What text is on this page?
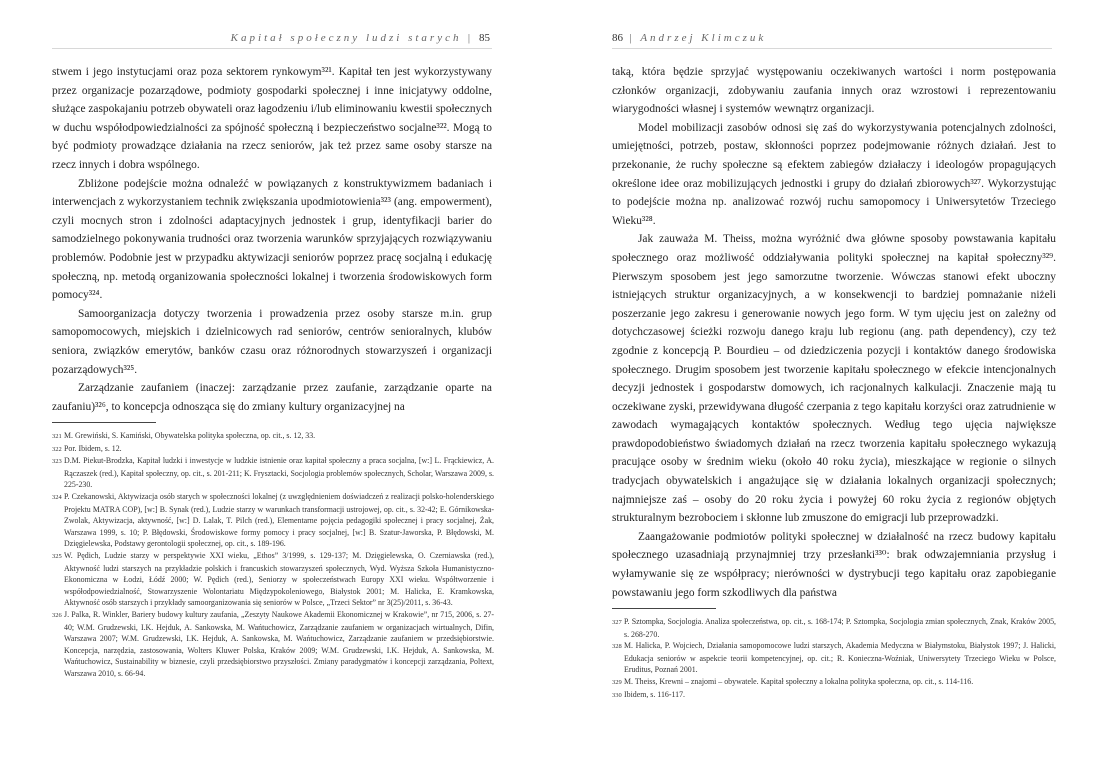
Kapitał społeczny ludzi starych | 85

stwem i jego instytucjami oraz poza sektorem rynkowym³²¹. Kapitał ten jest wykorzystywany przez organizacje pozarządowe, podmioty gospodarki społecznej i inne inicjatywy oddolne, służące zaspokajaniu potrzeb obywateli oraz łagodzeniu i/lub eliminowaniu kwestii społecznych w duchu współodpowiedzialności za spójność społeczną i bezpieczeństwo socjalne³²². Mogą to być podmioty prowadzące działania na rzecz seniorów, jak też przez same osoby starsze na rzecz innych i dobra wspólnego.

Zbliżone podejście można odnaleźć w powiązanych z konstruktywizmem badaniach i interwencjach z wykorzystaniem technik zwiększania upodmiotowienia³²³ (ang. empowerment), czyli mocnych stron i zdolności adaptacyjnych jednostek i grup, identyfikacji barier do samodzielnego pokonywania trudności oraz tworzenia warunków sprzyjających rozwiązywaniu problemów. Podobnie jest w przypadku aktywizacji seniorów poprzez pracę socjalną i edukację społeczną, np. metodą organizowania społeczności lokalnej i tworzenia środowiskowych form pomocy³²⁴.

Samoorganizacja dotyczy tworzenia i prowadzenia przez osoby starsze m.in. grup samopomocowych, miejskich i dzielnicowych rad seniorów, centrów senioralnych, klubów seniora, związków emerytów, banków czasu oraz różnorodnych stowarzyszeń i organizacji pozarządowych³²⁵.

Zarządzanie zaufaniem (inaczej: zarządzanie przez zaufanie, zarządzanie oparte na zaufaniu)³²⁶, to koncepcja odnosząca się do zmiany kultury organizacyjnej na

321 M. Grewiński, S. Kamiński, Obywatelska polityka społeczna, op. cit., s. 12, 33.

322 Por. Ibidem, s. 12.

323 D.M. Piekut-Brodzka, Kapitał ludzki i inwestycje w ludzkie istnienie oraz kapitał społeczny a praca socjalna, [w:] L. Frąckiewicz, A. Rączaszek (red.), Kapitał społeczny, op. cit., s. 201-211; K. Frysztacki, Socjologia problemów społecznych, Scholar, Warszawa 2009, s. 225-230.

324 P. Czekanowski, Aktywizacja osób starych w społeczności lokalnej (z uwzględnieniem doświadczeń z realizacji polsko-holenderskiego Projektu MATRA COP), [w:] B. Synak (red.), Ludzie starzy w warunkach transformacji ustrojowej, op. cit., s. 32-42; E. Górnikowska-Zwolak, Aktywizacja, aktywność, [w:] D. Lalak, T. Pilch (red.), Elementarne pojęcia pedagogiki społecznej i pracy socjalnej, Żak, Warszawa 1999, s. 10; P. Błędowski, Środowiskowe formy pomocy i pracy socjalnej, [w:] B. Szatur-Jaworska, P. Błędowski, M. Dzięgielewska, Podstawy gerontologii społecznej, op. cit., s. 189-196.

325 W. Pędich, Ludzie starzy w perspektywie XXI wieku, „Ethos” 3/1999, s. 129-137; M. Dzięgielewska, O. Czerniawska (red.), Aktywność ludzi starszych na przykładzie polskich i francuskich stowarzyszeń społecznych, Wyd. Wyższa Szkoła Humanistyczno-Ekonomiczna w Łodzi, Łódź 2000; W. Pędich (red.), Seniorzy w społeczeństwach Europy XXI wieku. Współtworzenie i współodpowiedzialność, Stowarzyszenie Wolontariatu Międzypokoleniowego, Białystok 2001; M. Halicka, E. Kramkowska, Aktywność osób starszych i przykłady samoorganizowania się seniorów w Polsce, „Trzeci Sektor” nr 3(25)/2011, s. 36-43.

326 J. Palka, R. Winkler, Bariery budowy kultury zaufania, „Zeszyty Naukowe Akademii Ekonomicznej w Krakowie”, nr 715, 2006, s. 27-40; W.M. Grudzewski, I.K. Hejduk, A. Sankowska, M. Wańtuchowicz, Zarządzanie zaufaniem w organizacjach wirtualnych, Difin, Warszawa 2007; W.M. Grudzewski, I.K. Hejduk, A. Sankowska, M. Wańtuchowicz, Zarządzanie zaufaniem w przedsiębiorstwie. Koncepcja, narzędzia, zastosowania, Wolters Kluwer Polska, Kraków 2009; W.M. Grudzewski, I.K. Hejduk, A. Sankowska, M. Wańtuchowicz, Sustainability w biznesie, czyli przedsiębiorstwo przyszłości. Zmiany paradygmatów i koncepcji zarządzania, Poltext, Warszawa 2010, s. 66-94.

86 | Andrzej Klimczuk

taką, która będzie sprzyjać występowaniu oczekiwanych wartości i norm postępowania członków organizacji, zdobywaniu zaufania innych oraz wzrostowi i reprezentowaniu wiarygodności własnej i systemów wewnątrz organizacji.

Model mobilizacji zasobów odnosi się zaś do wykorzystywania potencjalnych zdolności, umiejętności, potrzeb, postaw, skłonności poprzez podejmowanie różnych działań. Jest to przekonanie, że ruchy społeczne są efektem zabiegów działaczy i ideologów propagujących określone idee oraz mobilizujących jednostki i grupy do działań zbiorowych³²⁷. Wykorzystując to podejście można np. analizować rozwój ruchu samopomocy i Uniwersytetów Trzeciego Wieku³²⁸.

Jak zauważa M. Theiss, można wyróżnić dwa główne sposoby powstawania kapitału społecznego oraz możliwość oddziaływania polityki społecznej na kapitał społeczny³²⁹. Pierwszym sposobem jest jego samorzutne tworzenie. Wówczas stanowi efekt uboczny istniejących struktur organizacyjnych, a w konsekwencji to bardziej pomnażanie niżeli poszerzanie jego zakresu i generowanie nowych jego form. W tym ujęciu jest on zależny od dotychczasowej ścieżki rozwoju danego kraju lub regionu (ang. path dependency), czy też zgodnie z koncepcją P. Bourdieu – od dziedziczenia pozycji i kontaktów danego środowiska społecznego. Drugim sposobem jest tworzenie kapitału społecznego w efekcie intencjonalnych decyzji jednostek i gospodarstw domowych, ich racjonalnych kalkulacji. Znaczenie mają tu oczekiwane zyski, przewidywana długość czerpania z tego kapitału korzyści oraz zatrudnienie w zawodach wymagających kontaktów społecznych. Według tego ujęcia największe prawdopodobieństwo świadomych działań na rzecz tworzenia kapitału społecznego wykazują pracujące osoby w średnim wieku (około 40 roku życia), mieszkające w regionie o silnych tradycjach obywatelskich i angażujące się w działania lokalnych organizacji społecznych; najmniejsze zaś – osoby do 20 roku życia i powyżej 60 roku życia z regionów objętych strukturalnym bezrobociem i skłonne lub zmuszone do emigracji lub przeprowadzki.

Zaangażowanie podmiotów polityki społecznej w działalność na rzecz budowy kapitału społecznego uzasadniają przynajmniej trzy przesłanki³³⁰: brak odwzajemniania przysług i wyłamywanie się ze współpracy; nierówności w dystrybucji tego kapitału oraz zapobieganie powstawaniu jego form szkodliwych dla państwa

327 P. Sztompka, Socjologia. Analiza społeczeństwa, op. cit., s. 168-174; P. Sztompka, Socjologia zmian społecznych, Znak, Kraków 2005, s. 268-270.

328 M. Halicka, P. Wojciech, Działania samopomocowe ludzi starszych, Akademia Medyczna w Białymstoku, Białystok 1997; J. Halicki, Edukacja seniorów w aspekcie teorii kompetencyjnej, op. cit.; R. Konieczna-Woźniak, Uniwersytety Trzeciego Wieku w Polsce, Eruditus, Poznań 2001.

329 M. Theiss, Krewni – znajomi – obywatele. Kapitał społeczny a lokalna polityka społeczna, op. cit., s. 114-116.

330 Ibidem, s. 116-117.
